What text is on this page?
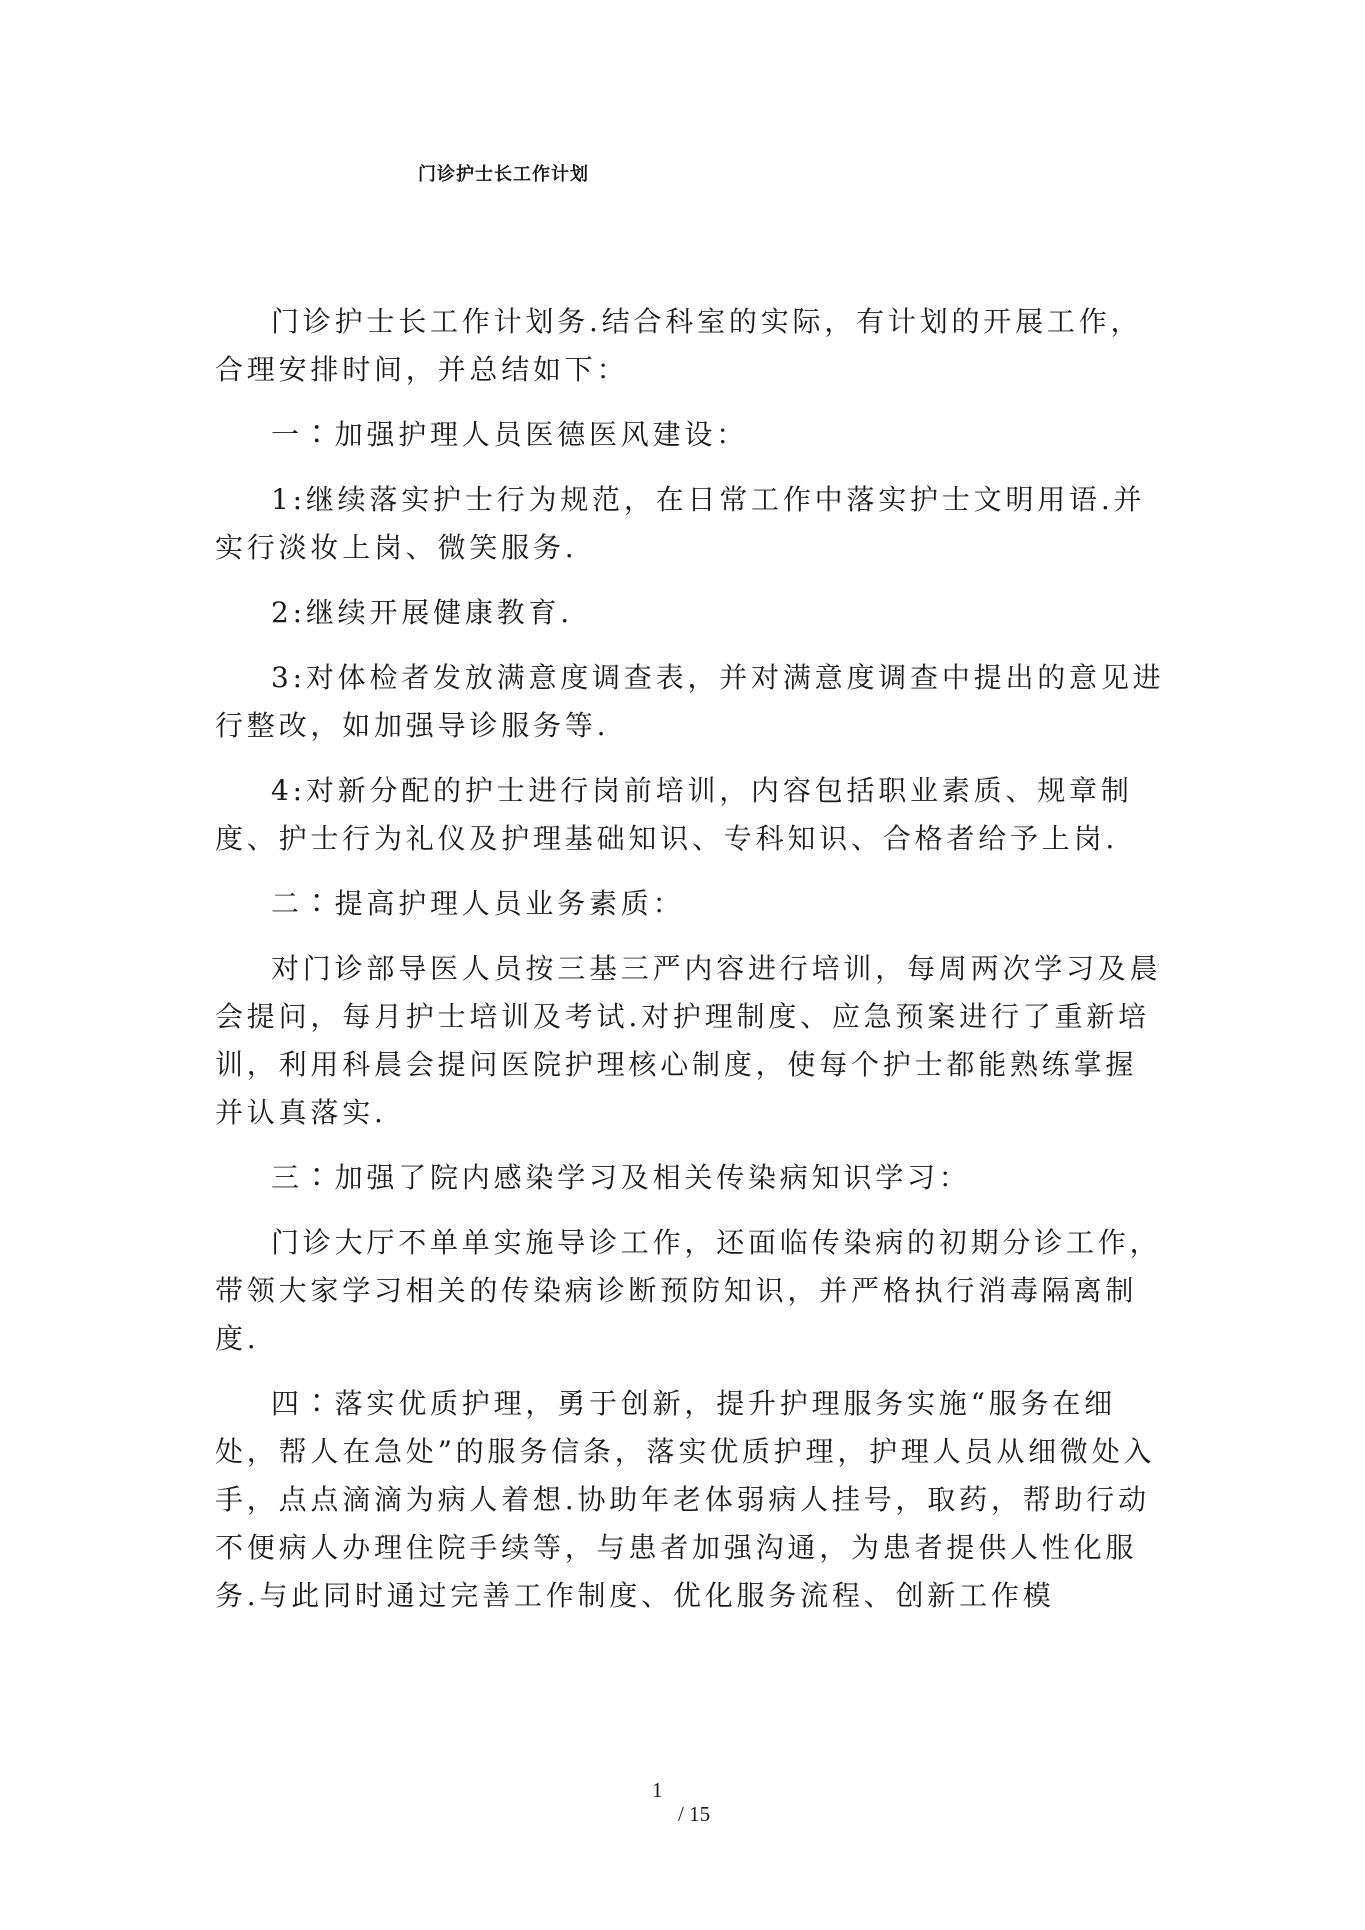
门诊护士长工作计划

门诊护士长工作计划务.结合科室的实际，有计划的开展工作，合理安排时间，并总结如下：

一∶加强护理人员医德医风建设：

1:继续落实护士行为规范，在日常工作中落实护士文明用语.并实行淡妆上岗、微笑服务.

2:继续开展健康教育.

3:对体检者发放满意度调查表，并对满意度调查中提出的意见进行整改，如加强导诊服务等.

4:对新分配的护士进行岗前培训，内容包括职业素质、规章制度、护士行为礼仪及护理基础知识、专科知识、合格者给予上岗.

二∶提高护理人员业务素质：

对门诊部导医人员按三基三严内容进行培训，每周两次学习及晨会提问，每月护士培训及考试.对护理制度、应急预案进行了重新培训，利用科晨会提问医院护理核心制度，使每个护士都能熟练掌握并认真落实.

三∶加强了院内感染学习及相关传染病知识学习：

门诊大厅不单单实施导诊工作，还面临传染病的初期分诊工作，带领大家学习相关的传染病诊断预防知识，并严格执行消毒隔离制度.

四∶落实优质护理，勇于创新，提升护理服务实施“服务在细处，帮人在急处”的服务信条，落实优质护理，护理人员从细微处入手，点点滴滴为病人着想.协助年老体弱病人挂号，取药，帮助行动不便病人办理住院手续等，与患者加强沟通，为患者提供人性化服务.与此同时通过完善工作制度、优化服务流程、创新工作模

1
/ 15
